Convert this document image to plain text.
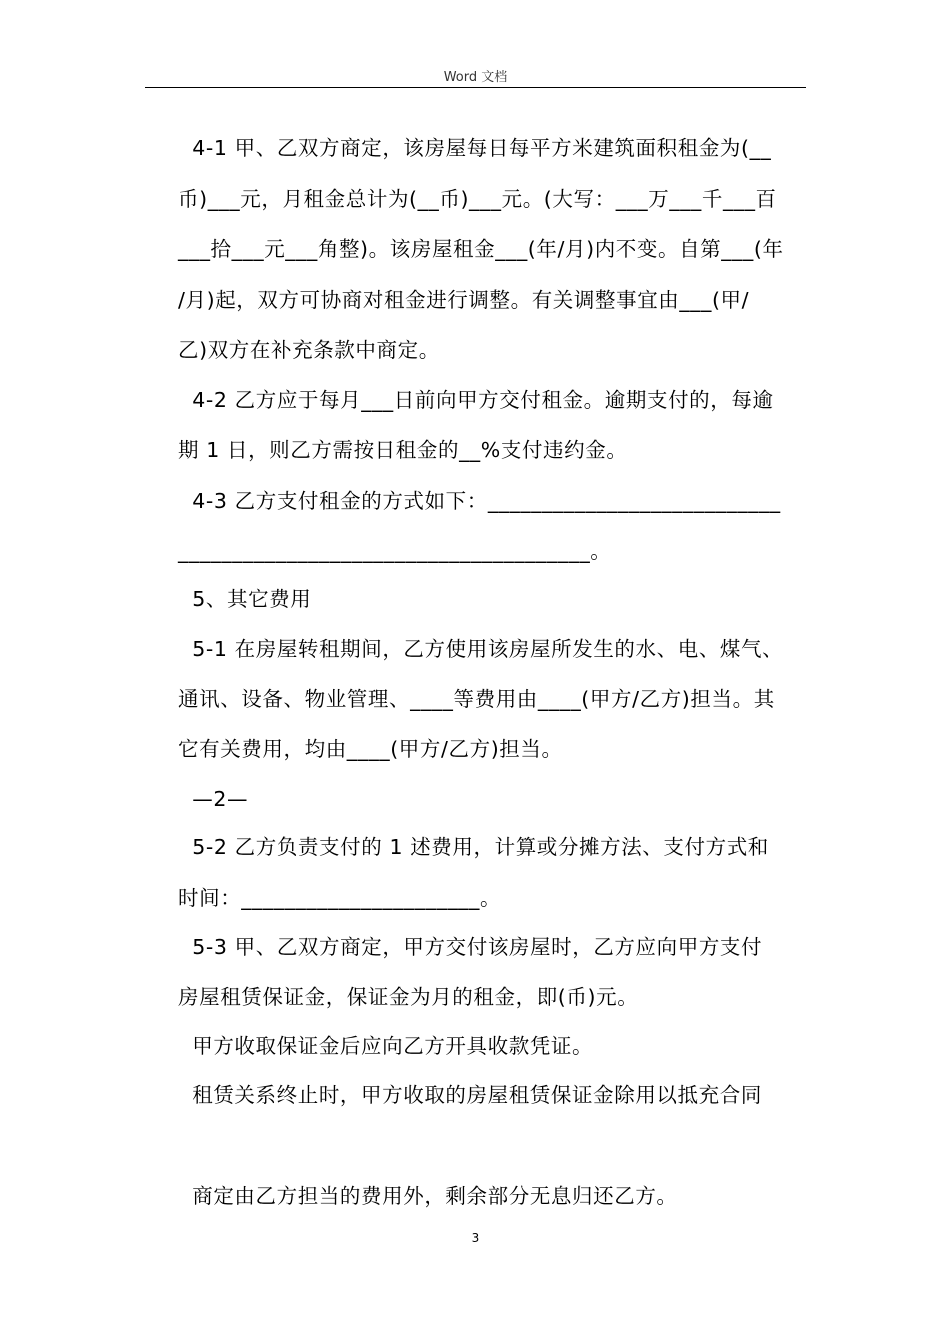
Word 文档
4-1 甲、乙双方商定，该房屋每日每平方米建筑面积租金为(__
币)___元，月租金总计为(__币)___元。(大写：___万___千___百
___拾___元___角整)。该房屋租金___(年/月)内不变。自第___(年
/月)起，双方可协商对租金进行调整。有关调整事宜由___(甲/
乙)双方在补充条款中商定。
4-2 乙方应于每月___日前向甲方交付租金。逾期支付的，每逾
期 1 日，则乙方需按日租金的__%支付违约金。
4-3 乙方支付租金的方式如下：___________________________
______________________________________。
5、其它费用
5-1 在房屋转租期间，乙方使用该房屋所发生的水、电、煤气、
通讯、设备、物业管理、____等费用由____(甲方/乙方)担当。其
它有关费用，均由____(甲方/乙方)担当。
—2—
5-2 乙方负责支付的 1 述费用，计算或分摊方法、支付方式和
时间：______________________。
5-3 甲、乙双方商定，甲方交付该房屋时，乙方应向甲方支付
房屋租赁保证金，保证金为月的租金，即(币)元。
甲方收取保证金后应向乙方开具收款凭证。
租赁关系终止时，甲方收取的房屋租赁保证金除用以抵充合同
商定由乙方担当的费用外，剩余部分无息归还乙方。
3
